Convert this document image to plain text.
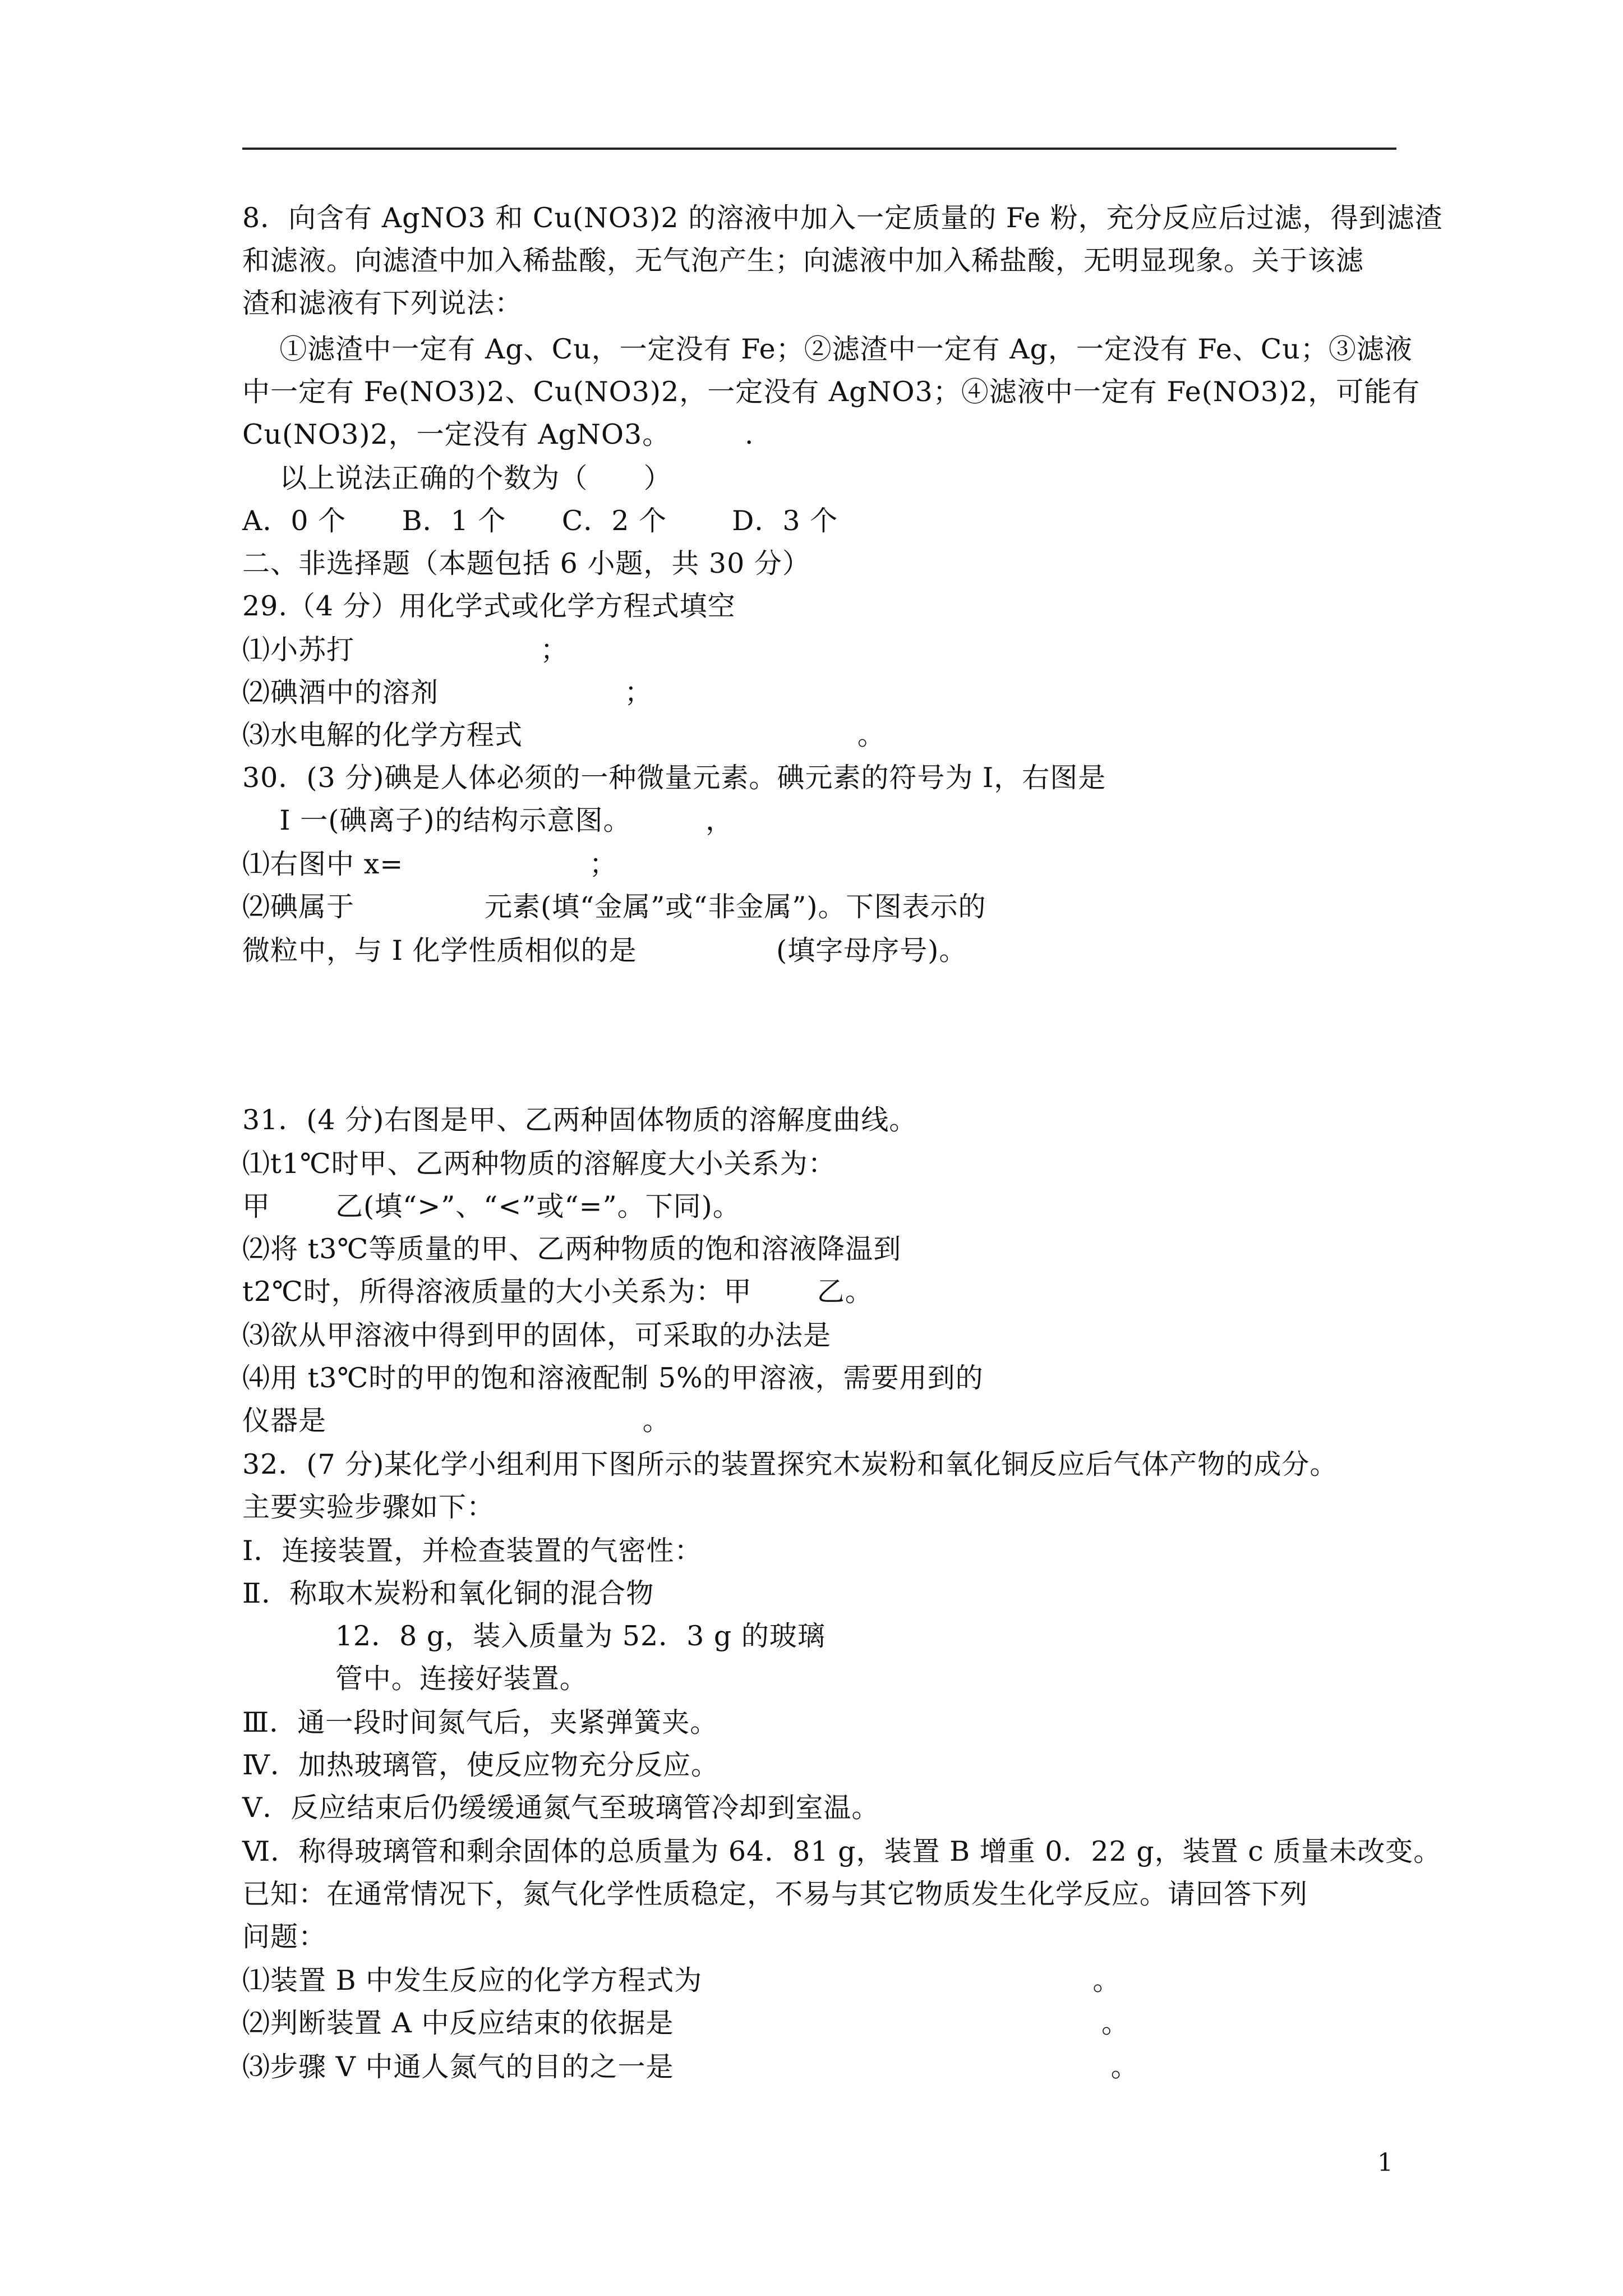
8．向含有 AgNO3 和 Cu(NO3)2 的溶液中加入一定质量的 Fe 粉，充分反应后过滤，得到滤渣
和滤液。向滤渣中加入稀盐酸，无气泡产生；向滤液中加入稀盐酸，无明显现象。关于该滤
渣和滤液有下列说法：
①滤渣中一定有 Ag、Cu，一定没有 Fe；②滤渣中一定有 Ag，一定没有 Fe、Cu；③滤液
中一定有 Fe(NO3)2、Cu(NO3)2，一定没有 AgNO3；④滤液中一定有 Fe(NO3)2，可能有
Cu(NO3)2，一定没有 AgNO3。        .
以上说法正确的个数为（      ）
A．0 个      B．1 个      C．2 个       D．3 个
二、非选择题（本题包括 6 小题，共 30 分）
29.（4 分）用化学式或化学方程式填空
⑴小苏打                    ；
⑵碘酒中的溶剂                    ；
⑶水电解的化学方程式                                    。
30．(3 分)碘是人体必须的一种微量元素。碘元素的符号为 I，右图是
I 一(碘离子)的结构示意图。        ，
⑴右图中 x=                    ；
⑵碘属于              元素(填“金属”或“非金属”)。下图表示的
微粒中，与 I 化学性质相似的是               (填字母序号)。
31．(4 分)右图是甲、乙两种固体物质的溶解度曲线。
⑴t1℃时甲、乙两种物质的溶解度大小关系为：
甲       乙(填“>”、“<”或“=”。下同)。
⑵将 t3℃等质量的甲、乙两种物质的饱和溶液降温到
t2℃时，所得溶液质量的大小关系为：甲       乙。
⑶欲从甲溶液中得到甲的固体，可采取的办法是
⑷用 t3℃时的甲的饱和溶液配制 5%的甲溶液，需要用到的
仪器是                                  。
32．(7 分)某化学小组利用下图所示的装置探究木炭粉和氧化铜反应后气体产物的成分。
主要实验步骤如下：
I．连接装置，并检查装置的气密性：
Ⅱ．称取木炭粉和氧化铜的混合物
12．8 g，装入质量为 52．3 g 的玻璃
管中。连接好装置。
Ⅲ．通一段时间氮气后，夹紧弹簧夹。
Ⅳ．加热玻璃管，使反应物充分反应。
V．反应结束后仍缓缓通氮气至玻璃管冷却到室温。
Ⅵ．称得玻璃管和剩余固体的总质量为 64．81 g，装置 B 增重 0．22 g，装置 c 质量未改变。
已知：在通常情况下，氮气化学性质稳定，不易与其它物质发生化学反应。请回答下列
问题：
⑴装置 B 中发生反应的化学方程式为                                          。
⑵判断装置 A 中反应结束的依据是                                              。
⑶步骤 V 中通人氮气的目的之一是                                               。
1
